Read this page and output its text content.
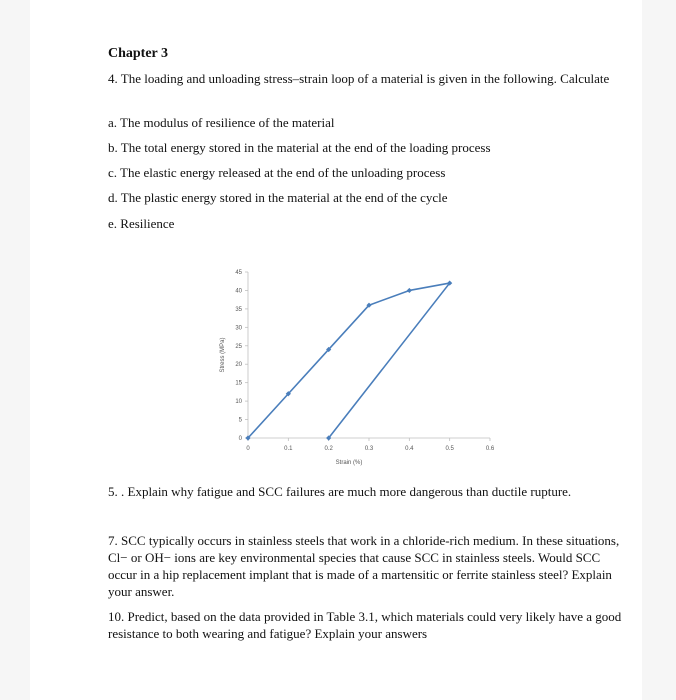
Chapter 3
4. The loading and unloading stress–strain loop of a material is given in the following. Calculate
a. The modulus of resilience of the material
b. The total energy stored in the material at the end of the loading process
c. The elastic energy released at the end of the unloading process
d. The plastic energy stored in the material at the end of the cycle
e. Resilience
5. . Explain why fatigue and SCC failures are much more dangerous than ductile rupture.
7. SCC typically occurs in stainless steels that work in a chloride-rich medium. In these situations, Cl− or OH− ions are key environmental species that cause SCC in stainless steels. Would SCC occur in a hip replacement implant that is made of a martensitic or ferrite stainless steel? Explain your answer.
10. Predict, based on the data provided in Table 3.1, which materials could very likely have a good resistance to both wearing and fatigue? Explain your answers
0
5
10
15
20
25
30
35
40
45
0	0.1	0.2	0.3	0.4	0.5	0.6
Strain (%)
Stress (MPa)
